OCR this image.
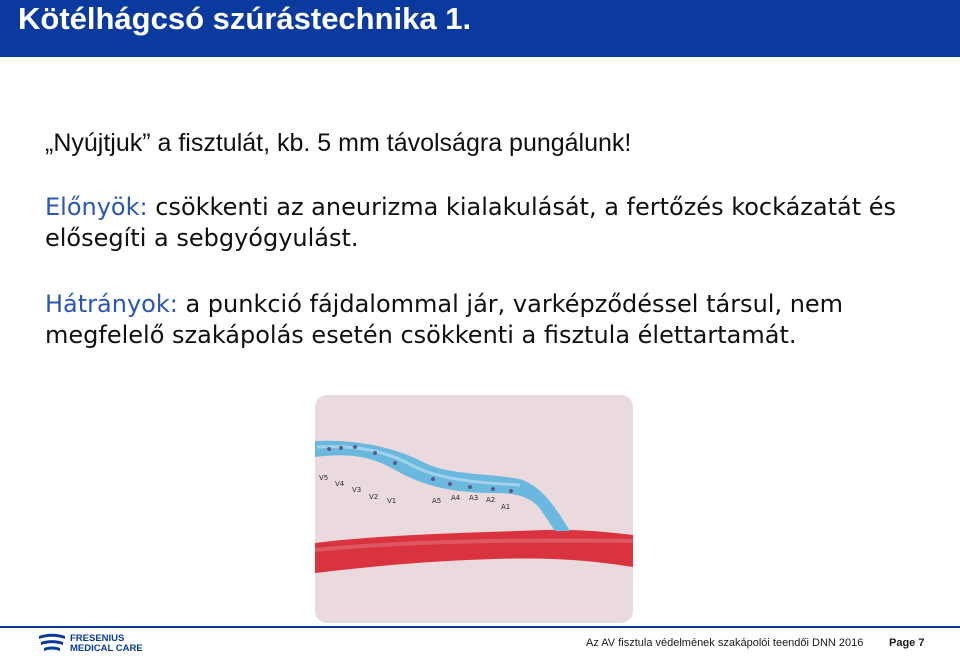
Kötélhágcsó szúrástechnika 1.
„Nyújtjuk” a fisztulát, kb. 5 mm távolságra pungálunk!
Előnyök: csökkenti az aneurizma kialakulását, a fertőzés kockázatát és elősegíti a sebgyógyulást.
Hátrányok: a punkció fájdalommal jár, varképződéssel társul, nem megfelelő szakápolás esetén csökkenti a fisztula élettartamát.
V5
V4
V3
V2 V1	A5 A4 A3 A2
A1
FRESENIUS
MEDICAL CARE	Az AV fisztula védelmének szakápolói teendői DNN 2016 Page 7
